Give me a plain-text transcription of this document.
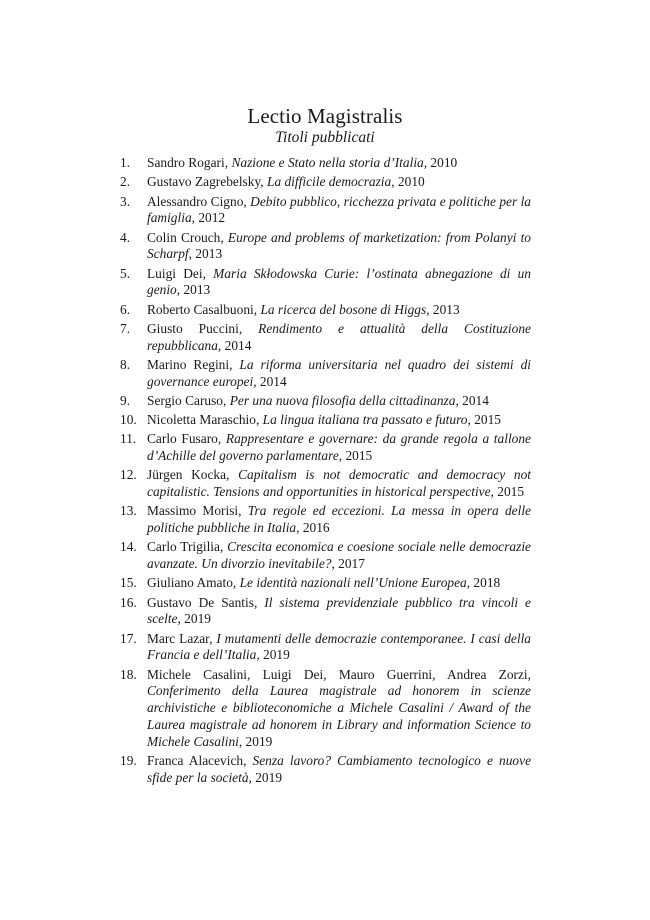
Lectio Magistralis
Titoli pubblicati
1.	Sandro Rogari, Nazione e Stato nella storia d’Italia, 2010
2.	Gustavo Zagrebelsky, La difficile democrazia, 2010
3.	Alessandro Cigno, Debito pubblico, ricchezza privata e politiche per la famiglia, 2012
4.	Colin Crouch, Europe and problems of marketization: from Polanyi to Scharpf, 2013
5.	Luigi Dei, Maria Skłodowska Curie: l’ostinata abnegazione di un genio, 2013
6.	Roberto Casalbuoni, La ricerca del bosone di Higgs, 2013
7.	Giusto Puccini, Rendimento e attualità della Costituzione repubblicana, 2014
8.	Marino Regini, La riforma universitaria nel quadro dei sistemi di governance europei, 2014
9.	Sergio Caruso, Per una nuova filosofia della cittadinanza, 2014
10. Nicoletta Maraschio, La lingua italiana tra passato e futuro, 2015
11. Carlo Fusaro, Rappresentare e governare: da grande regola a tallone d’Achille del governo parlamentare, 2015
12. Jürgen Kocka, Capitalism is not democratic and democracy not capitalistic. Tensions and opportunities in historical perspective, 2015
13. Massimo Morisi, Tra regole ed eccezioni. La messa in opera delle politiche pubbliche in Italia, 2016
14. Carlo Trigilia, Crescita economica e coesione sociale nelle democrazie avanzate. Un divorzio inevitabile?, 2017
15. Giuliano Amato, Le identità nazionali nell’Unione Europea, 2018
16. Gustavo De Santis, Il sistema previdenziale pubblico tra vincoli e scelte, 2019
17. Marc Lazar, I mutamenti delle democrazie contemporanee. I casi della Francia e dell’Italia, 2019
18. Michele Casalini, Luigi Dei, Mauro Guerrini, Andrea Zorzi, Conferimento della Laurea magistrale ad honorem in scienze archivistiche e biblioteconomiche a Michele Casalini / Award of the Laurea magistrale ad honorem in Library and information Science to Michele Casalini, 2019
19. Franca Alacevich, Senza lavoro? Cambiamento tecnologico e nuove sfide per la società, 2019
